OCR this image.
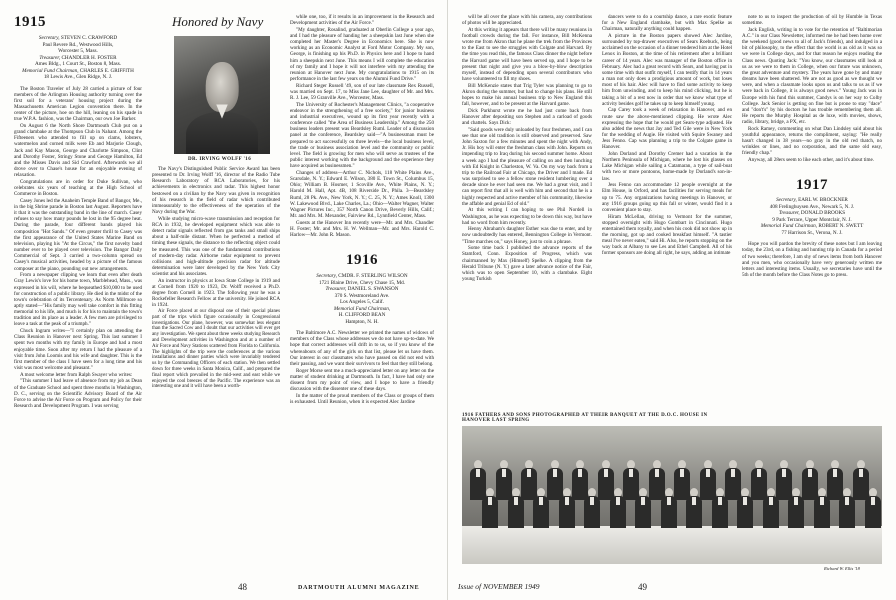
1915
Secretary, STEVEN C. CRAWFORD
Paul Revere Rd., Westwood Hills,
Worcester 5, Mass.
Treasurer, CHANDLER H. FOSTER
Ames Bldg., 1 Court St., Boston 8, Mass.
Memorial Fund Chairman, CHARLES E. GRIFFITH
18 Lewis Ave., Glen Ridge, N. J.

The Boston Traveler of July 28 carried a picture of four members of the Arlington Housing authority turning over the first soil for a veterans' housing project during the Massachusetts American Legion convention there. In the center of the picture, hoe on the hill, leaning on his spade in true W.P.A. fashion, was the Chairman, our own Joe Barker.

On August 6 the North Shore Dartmouth Club put on a grand clambake at the Thompson Club in Nahant. Among the Fifteeners who attended to fill up on clams, lobsters, watermelon and corned milk were Eb and Marjorie Clough, Jack and Kay Mason, George and Charlotte Simpson, Clint and Dorothy Foster, Stringy Stone and George Hamilton, Ed and the Misses Davis and Sid Crawford. Afterwards we all drove over to Chase's house for an enjoyable evening of relaxation.

Congratulations are in order for Duke Sullivan, who celebrates six years of teaching at the High School of Commerce in Boston.

Casey Jones led the Anaheim Temple Band of Bangor, Me., in the big Shrine parade in Boston last August. Reporters have it that it was the outstanding band in the line of march. Casey refuses to say how many pounds he lost in the 95 degree heat. During the parade, four different bands played his composition "Hot Sands." Of even greater thrill to Casey was the first appearance of the United States Marine Band on television, playing his "At the Circus," the first novelty band number ever to be played over television. The Bangor Daily Commercial of Sept. 3 carried a two-column spread on Casey's musical activities, headed by a picture of the famous composer at the piano, pounding out new arrangements.

From a newspaper clipping we learn that even after death Gray Lewis's love for his home town, Marblehead, Mass., was expressed in his will, where he bequeathed $10,000 to be used for construction of a public library. He died in the midst of the town's celebration of its Tercentenary. As Norm Millmore so aptly stated—"His family may well take comfort in this fitting memorial to his life, and much is for his to maintain the town's tradition and its place as a leader. A few men are privileged to leave a task at the peak of a triumph."

Chuck Ingram writes—"I certainly plan on attending the Class Reunion in Hanover next Spring. This last summer I spent two months with my family in Europe and had a most enjoyable time. Soon after my return I had the pleasure of a visit from John Loomis and his wife and daughter. This is the first member of the class I have seen for a long time and his visit was most welcome and pleasant."

A most welcome letter from Ralph Swayer who writes:

"This summer I had leave of absence from my job as Dean of the Graduate School and spent three months in Washington, D. C., serving on the Scientific Advisory Board of the Air Force to advise the Air Force on Program and Policy for their Research and Development Program. I was serving

Honored by Navy
DR. IRVING WOLFF '16

The Navy's Distinguished Public Service Award has been presented to Dr. Irving Wolff '16, director of the Radio Tube Research Laboratory of RCA Laboratories, for his achievements in electronics and radar. This highest honor bestowed on a civilian by the Navy was given in recognition of his research in the field of radar which contributed immeasurably to the effectiveness of the operation of the Navy during the War.

While studying micro-wave transmission and reception for RCA in 1932, he developed equipment which was able to detect radar signals reflected from gas tanks and small ships about a half-mile distant. When he perfected a method of timing these signals, the distance to the reflecting object could be measured. This was one of the fundamental contributions of modern-day radar. Airborne radar equipment to prevent collisions and high-altitude precision radar for altitude determination were later developed by the New York City scientist and his associates.

An instructor in physics at Iowa State College in 1919 and at Cornell from 1920 to 1923, Dr. Wolff received a Ph.D. degree from Cornell in 1923. The following year he was a Rockefeller Research Fellow at the university. He joined RCA in 1924.

Air Force placed at our disposal one of their special planes part of the trips which figure occasionally in Congressional investigations. Our plane, however, was somewhat less elegant than the Sacred Cow and I doubt that our activities will ever get any investigation. We spent about three weeks studying Research and Development activities in Washington and at a number of Air Force and Navy Stations scattered from Florida to California. The highlights of the trip were the conferences at the various installations and dinner parties which were invariably tendered us by the Commanding Officers of each station. We then settled down for three weeks in Santa Monica, Calif., and prepared the final report which prevailed in the mid-west and east while we enjoyed the cool breezes of the Pacific. The experience was an interesting one and it will have been a worth-

while one, too, if it results in an improvement in the Research and Development activities of the Air Force."

"My daughter, Rosalind, graduated at Oberlin College a year ago, and I had the pleasure of handing her a sheepskin last June when she completed her Master's Degree in Economics here. She is now working as an Economic Analyst at Ford Motor Company. My son, George, is finishing up his Ph.D. in Physics here and I hope to hand him a sheepskin next June. This means I will complete the education of my family and I hope it will not interfere with my attending the reunion at Hanover next June. My congratulations to 1915 on its performance in the last few years on the Alumni Fund Drive."

Richard Steger Russell '49, son of our late classmate Rex Russell, was married on Sept. 17, to Miss Jane Lee, daughter of Mr. and Mrs. R. J. Lee, 59 Granville Ave., Worcester, Mass.

The University of Rochester's Management Clinics, "a cooperative endeavor in the strengthening of a free society," for junior business and industrial executives, wound up its first year recently with a conference called "the Area of Business Leadership." Among the 250 business leaders present was Beardsley Ruml. Leader of a discussion panel at the conference, Beardsley said—"A businessman must be prepared to act successfully on three levels—the local business level, the trade or business association level and the community or public level. The field is growing for men who will serve as trustees of the public interest working with the background and the experience they have acquired as businessmen."

Changes of address—Arthur C. Nichols, 118 White Plains Ave., Scarsdale, N. Y.; Edward E. Wilson, 380 E. Town St., Columbus 15, Ohio; William B. Hosmer, 1 Scoville Ave., White Plains, N. Y.; Harold M. Hall, Apt. 4B, 108 Riverside Dr., Phila. 3—Beardsley Ruml, 28 Pk. Ave., New York, N. Y.; C. 25, N. Y.; Ames Knoll, 1300 W. Lakewood Blvd., Lake Charles, La.; Ohio—Walter Wagner, Walter Wagner Pictures Inc., 357 North Canon Drive, Beverly Hills, Calif.; Mr. and Mrs. M. Mexander, Fairview Rd., Lynnfield Center, Mass.

Guests at the Hanover Inn recently were—Mr. and Mrs. Chandler H. Foster; Mr. and Mrs. H. W. Wellman—Mr. and Mrs. Harold C. Harlow—Mr. John R. Mason.

1916
Secretary, CMDR. F. STERLING WILSON
1721 Blaine Drive, Chevy Chase 15, Md.
Treasurer, DANIEL S. SWANSON
370 S. Westmoreland Ave.
Los Angeles 5, Calif.
Memorial Fund Chairman,
H. CLIFFORD BEAN
Hampton, N. H.

The Baltimore A.C. Newsletter we printed the names of widows of members of the Class whose addresses we do not have up-to-date. We hope that correct addresses will drift in to us, so if you know of the whereabouts of any of the girls on that list, please let us have them. Our interest in our classmates who have passed on did not end with their passing, and we want their survivors to feel that they still belong.

Roger Morse sent me a much-appreciated letter on any letter on the matter of student drinking at Dartmouth. In fact, I have had only one dissent from my point of view, and I hope to have a friendly discussion with the dissenter one of these days.

In the matter of the proud members of the Class or groups of them is exhausted. Until Reunion, when it is expected Alec Jardine

48	DARTMOUTH ALUMNI MAGAZINE

will be all over the place with his camera, any contributions of photos will be appreciated.

At this writing it appears that there will be many reunions in football crowds during the fall. For instance, Bill McKenna wrote me from Akron that he plane the trek from the Provinces to the East to see the struggles with Colgate and Harvard. By the time you read this, the famous Class dinner the night before the Harvard game will have been served up, and I hope to be present that night and give you a blow-by-blow description myself, instead of depending upon several contributors who have volunteered to fill my shoes.

Bill McKenzie states that Trig Tyler was planning to go to Akron during the summer, but had to change his plans. He still hopes to make his annual business trip to New England this fall, however, and to be present at the Harvard game.

Dick Parkhurst wrote me he had just come back from Hanover after depositing son Stephen and a carload of goods and chattels. Says Dick:

"Said goods were duly unloaded by four freshmen, and I can see that one old tradition is still observed and preserved. Saw John Saxton for a few minutes and spent the night with Andy, Jr. His boy will enter the freshman class with John. Reports on impending trip to Iraq during his second summer home. About a week ago I had the pleasure of calling on and then lunching with Ed Knight in Charleston, W. Va. On my way back from a trip to the Railroad Fair at Chicago, the Driver and I made. Ed was surprised to see a fellow stone resident lumbering over a decade since he ever had seen me. We had a great visit, and I can report first that all is well with him and second that he is a highly respected and active member of his community, likewise the affable and genial Ed of old."

At this writing I can hoping to see Phil Nordell in Washington, as he was expecting to be down this way, but have had no word from him recently.

Henny Abraham's daughter Esther was due to enter, and by now undoubtedly has entered, Bennington College in Vermont. "Time marches on," says Honey, just to coin a phrase.

Some time back I published the advance reports of the Stamford, Conn. Exposition of Progress, which was chairmanned by Max (Himself) Spelke. A clipping from the Herald Tribune (N. Y.) gave a later advance notice of the Fair, which was to open September 10, with a clambake. Eight young Turkish

dancers were to do a courtship dance, a rare exotic feature for a New England clambake, but with Max Spelke as Chairman, naturally anything could happen.

A picture in the Boston papers showed Alec Jardine, surrounded by top-drawer executives of Sears Roebuck, being acclaimed on the occasion of a dinner tendered him at the Hotel Lenox in Boston, at the time of his retirement after a brilliant career of 14 years. Alec was manager of the Boston office in February. Alec had a great record with Sears, and having put in some time with that outfit myself, I can testify that in 14 years a man not only does a prodigious amount of work, but loses most of his hair. Alec will have to find some activity to keep him from unwinding, and to keep his mind clicking, but he is taking a bit of a rest now in order that we know what type of activity besides golf he takes up to keep himself young.

Cap Carey took a week of relaxation in Hanover, and en route saw the above-mentioned clipping. He wrote Alec expressing the hope that he would get Sears-type adjusted. He also added the news that Jay and Ted Gile were in New York for the wedding of Augie. He visited with Squire Swaney and Jess Fenno. Cap was planning a trip to the Colgate game in Hanover.

John Dorland and Dorothy Cremer had a vacation in the Northern Peninsula of Michigan, where he lost his glasses on Lake Michigan while sailing a Catamaran, a type of sail-boat with two or more pontoons, home-made by Dorland's son-in-law.

Jess Fenno can accommodate 12 people overnight at the Elm House, in Orford, and has facilities for serving meals for up to 75. Any organizations having meetings in Hanover, or any 1916 groups going up this fall or winter, would find it a convenient place to stay.

Hiram McLellan, driving to Vermont for the summer, stopped overnight with Hugo Gombart in Cincinnati. Hugo entertained them royally, and when his cook did not show up in the morning, got up and cooked breakfast himself. "A tastier meal I've never eaten," said Hi. Also, he reports stopping on the way back at Albany to see Les and Ethel Campbell. All of his former sponsors are doing all right, he says, adding an intimate

note to us to inspect the production of oil by Humble in Texas sometime.

Jack English, writing in to vote for the retention of "Baltimorian A.C." in our Class Newsletter, informed me he had been home over the weekend (good news to all of Jack's friends), and indulged in a bit of philosophy, to the effect that the world is as old as it was so we were in College days, and for that reason he enjoys reading the Class news. Quoting Jack: "You know, our classmates still look at us as we were to them in College, when our future was unknown, the great adventure and mystery. The years have gone by and many dreams have been shattered. We are not as good as we thought we were, and when a classmate looks upon us and talks to us as if we were back in College, it is always good news." Young Jack was in Europe with his fund this summer, Candys is on her way to Colby College. Jack Senior is getting on fine but is prone to stay "dace" and "don't's" by his doctors he has trouble remembering them all. He reports the Murphy Hospital as de luxe, with movies, shows, radio, library, bridge, a PX, etc.

Rock Ramey, commenting on what Dan Lindsley said about his youthful appearance, returns the compliment, saying: "He really hasn't changed in 38 years—no gray in the old red thatch, no wrinkles or lines, and no corporation, and the same old easy, friendly chap."

Anyway, all 28ers seem to like each other, and it's about time.

1917
Secretary, EARL W. BROCKNER
408 Frelinghuysen Ave., Newark 5, N. J.
Treasurer, DONALD BROOKS
9 Park Terrace, Upper Montclair, N. J.
Memorial Fund Chairman, ROBERT N. SWETT
77 Harrison St., Verona, N. J.

Hope you will pardon the brevity of these notes but I am leaving today, the 23rd, on a fishing and hunting trip in Canada for a period of two weeks; therefore, I am shy of news items from both Hanover and you men, who occasionally have very generously written me letters and interesting items. Usually, we secretaries have until the 5th of the month before the Class Notes go to press.

1916 FATHERS AND SONS PHOTOGRAPHED AT THEIR BANQUET AT THE D.O.C. HOUSE IN HANOVER LAST SPRING
Richard W. Ellis '18
Issue of NOVEMBER 1949	49
